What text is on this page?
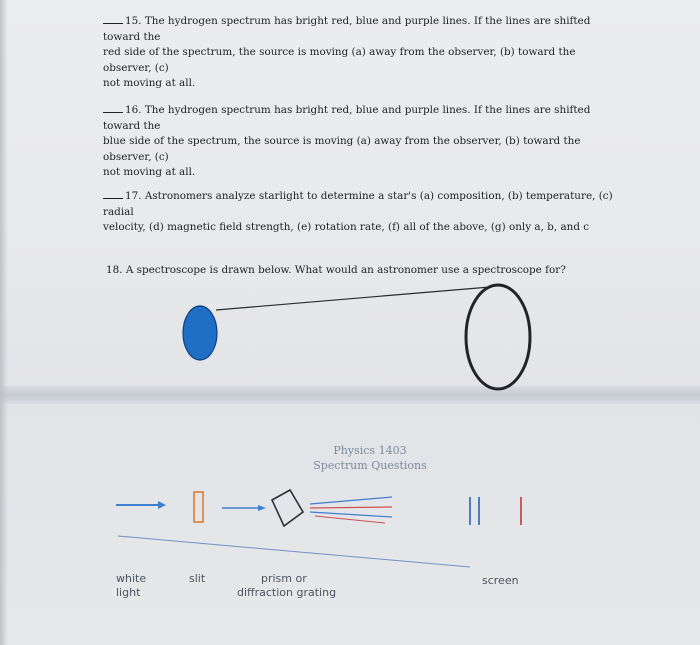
15. The hydrogen spectrum has bright red, blue and purple lines. If the lines are shifted toward the
red side of the spectrum, the source is moving (a) away from the observer, (b) toward the observer, (c)
not moving at all.
16. The hydrogen spectrum has bright red, blue and purple lines. If the lines are shifted toward the
blue side of the spectrum, the source is moving (a) away from the observer, (b) toward the observer, (c)
not moving at all.
17. Astronomers analyze starlight to determine a star's (a) composition, (b) temperature, (c) radial
velocity, (d) magnetic field strength, (e) rotation rate, (f) all of the above, (g) only a, b, and c
18. A spectroscope is drawn below. What would an astronomer use a spectroscope for?
Physics 1403
Spectrum Questions
white
light
slit	prism or
diffraction grating
screen
